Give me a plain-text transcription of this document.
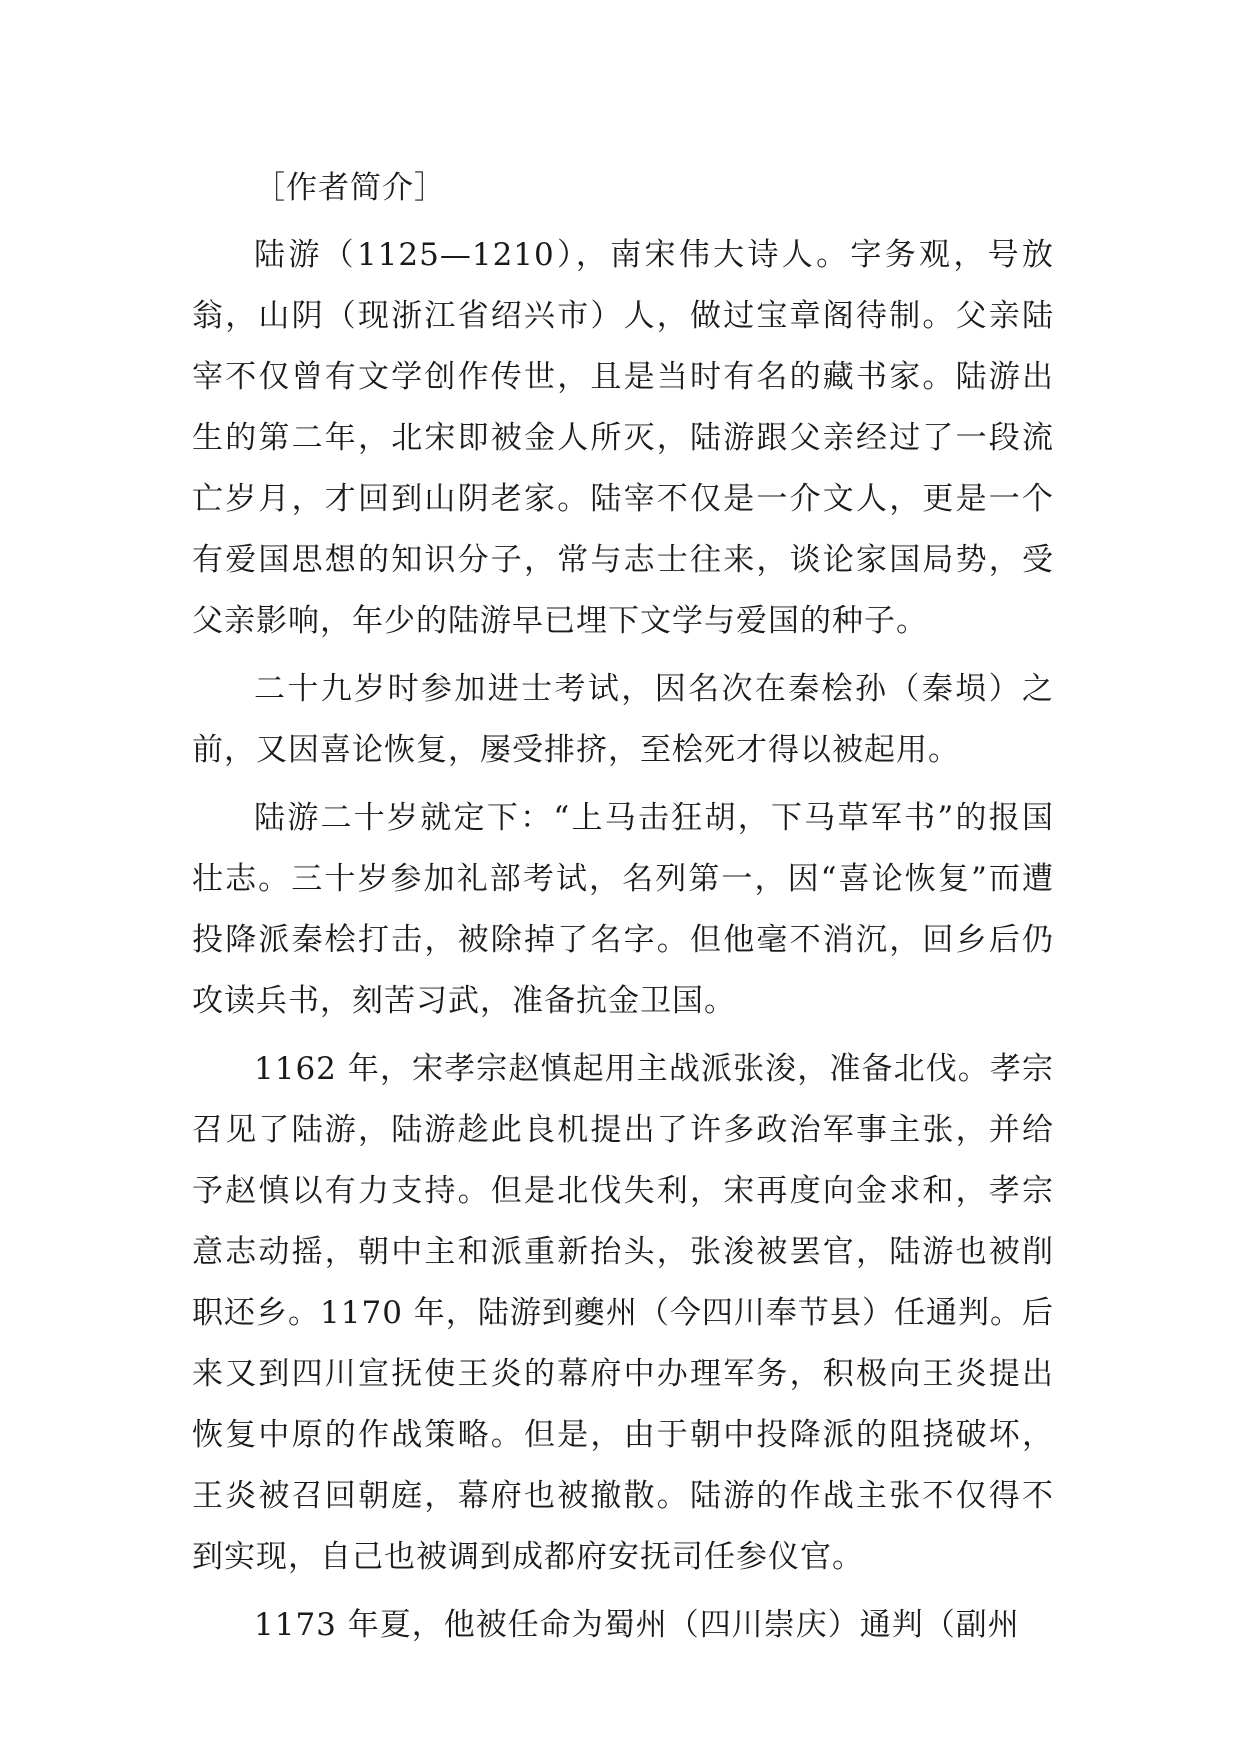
［作者简介］

陆游（1125—1210），南宋伟大诗人。字务观，号放翁，山阴（现浙江省绍兴市）人，做过宝章阁待制。父亲陆宰不仅曾有文学创作传世，且是当时有名的藏书家。陆游出生的第二年，北宋即被金人所灭，陆游跟父亲经过了一段流亡岁月，才回到山阴老家。陆宰不仅是一介文人，更是一个有爱国思想的知识分子，常与志士往来，谈论家国局势，受父亲影响，年少的陆游早已埋下文学与爱国的种子。

二十九岁时参加进士考试，因名次在秦桧孙（秦埙）之前，又因喜论恢复，屡受排挤，至桧死才得以被起用。

陆游二十岁就定下：“上马击狂胡，下马草军书”的报国壮志。三十岁参加礼部考试，名列第一，因“喜论恢复”而遭投降派秦桧打击，被除掉了名字。但他毫不消沉，回乡后仍攻读兵书，刻苦习武，准备抗金卫国。

1162 年，宋孝宗赵慎起用主战派张浚，准备北伐。孝宗召见了陆游，陆游趁此良机提出了许多政治军事主张，并给予赵慎以有力支持。但是北伐失利，宋再度向金求和，孝宗意志动摇，朝中主和派重新抬头，张浚被罢官，陆游也被削职还乡。1170 年，陆游到夔州（今四川奉节县）任通判。后来又到四川宣抚使王炎的幕府中办理军务，积极向王炎提出恢复中原的作战策略。但是，由于朝中投降派的阻挠破坏，王炎被召回朝庭，幕府也被撤散。陆游的作战主张不仅得不到实现，自己也被调到成都府安抚司任参仪官。

1173 年夏，他被任命为蜀州（四川崇庆）通判（副州
